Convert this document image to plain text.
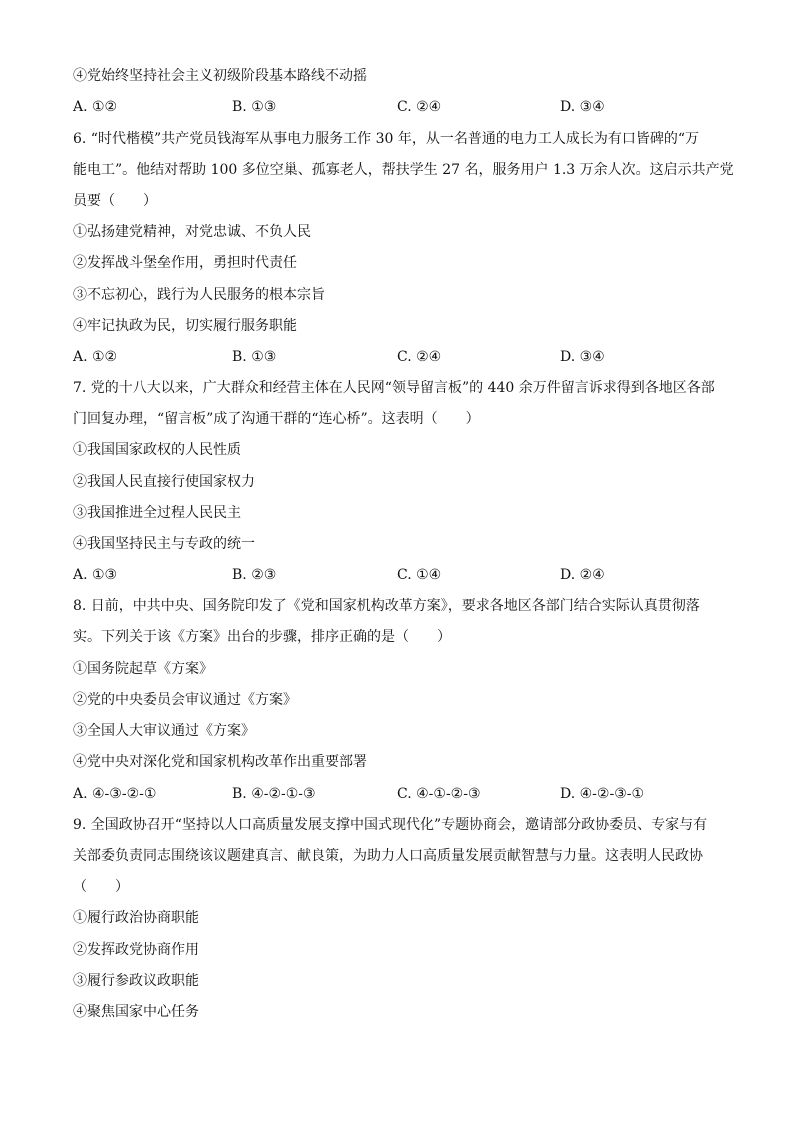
④党始终坚持社会主义初级阶段基本路线不动摇
A. ①②	B. ①③	C. ②④	D. ③④
6. “时代楷模”共产党员钱海军从事电力服务工作 30 年，从一名普通的电力工人成长为有口皆碑的“万
能电工”。他结对帮助 100 多位空巢、孤寡老人，帮扶学生 27 名，服务用户 1.3 万余人次。这启示共产党
员要（　　）
①弘扬建党精神，对党忠诚、不负人民
②发挥战斗堡垒作用，勇担时代责任
③不忘初心，践行为人民服务的根本宗旨
④牢记执政为民，切实履行服务职能
A. ①②	B. ①③	C. ②④	D. ③④
7. 党的十八大以来，广大群众和经营主体在人民网“领导留言板”的 440 余万件留言诉求得到各地区各部
门回复办理，“留言板”成了沟通干群的“连心桥”。这表明（　　）
①我国国家政权的人民性质
②我国人民直接行使国家权力
③我国推进全过程人民民主
④我国坚持民主与专政的统一
A. ①③	B. ②③	C. ①④	D. ②④
8. 日前，中共中央、国务院印发了《党和国家机构改革方案》，要求各地区各部门结合实际认真贯彻落
实。下列关于该《方案》出台的步骤，排序正确的是（　　）
①国务院起草《方案》
②党的中央委员会审议通过《方案》
③全国人大审议通过《方案》
④党中央对深化党和国家机构改革作出重要部署
A. ④-③-②-①	B. ④-②-①-③	C. ④-①-②-③	D. ④-②-③-①
9. 全国政协召开“坚持以人口高质量发展支撑中国式现代化”专题协商会，邀请部分政协委员、专家与有
关部委负责同志围绕该议题建真言、献良策，为助力人口高质量发展贡献智慧与力量。这表明人民政协
（　　）
①履行政治协商职能
②发挥政党协商作用
③履行参政议政职能
④聚焦国家中心任务
